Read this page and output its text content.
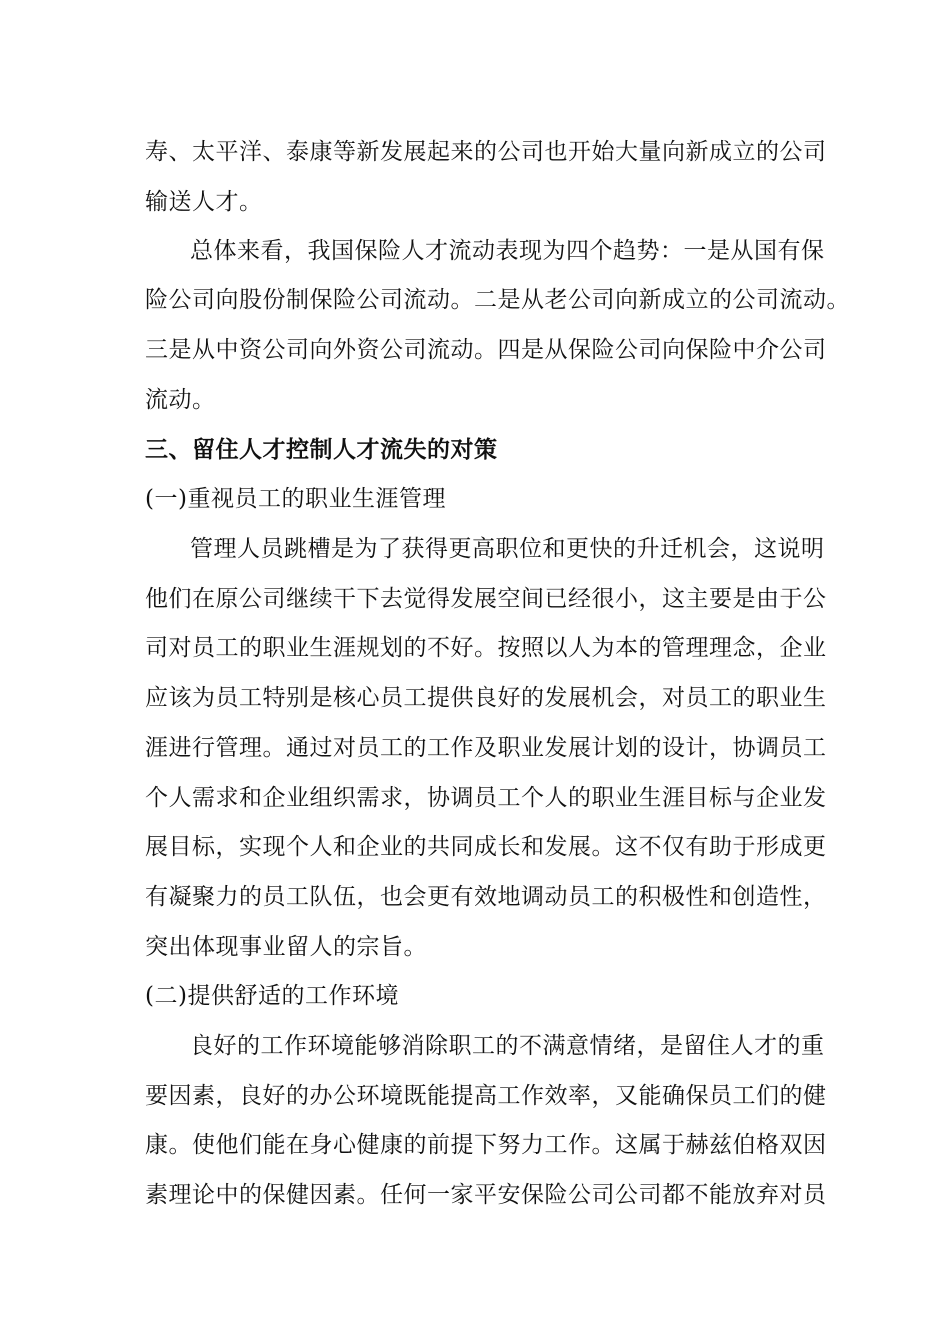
寿、太平洋、泰康等新发展起来的公司也开始大量向新成立的公司
输送人才。
总体来看，我国保险人才流动表现为四个趋势：一是从国有保
险公司向股份制保险公司流动。二是从老公司向新成立的公司流动。
三是从中资公司向外资公司流动。四是从保险公司向保险中介公司
流动。
三、留住人才控制人才流失的对策
(一)重视员工的职业生涯管理
管理人员跳槽是为了获得更高职位和更快的升迁机会，这说明
他们在原公司继续干下去觉得发展空间已经很小，这主要是由于公
司对员工的职业生涯规划的不好。按照以人为本的管理理念，企业
应该为员工特别是核心员工提供良好的发展机会，对员工的职业生
涯进行管理。通过对员工的工作及职业发展计划的设计，协调员工
个人需求和企业组织需求，协调员工个人的职业生涯目标与企业发
展目标，实现个人和企业的共同成长和发展。这不仅有助于形成更
有凝聚力的员工队伍，也会更有效地调动员工的积极性和创造性，
突出体现事业留人的宗旨。
(二)提供舒适的工作环境
良好的工作环境能够消除职工的不满意情绪，是留住人才的重
要因素，良好的办公环境既能提高工作效率，又能确保员工们的健
康。使他们能在身心健康的前提下努力工作。这属于赫兹伯格双因
素理论中的保健因素。任何一家平安保险公司公司都不能放弃对员
